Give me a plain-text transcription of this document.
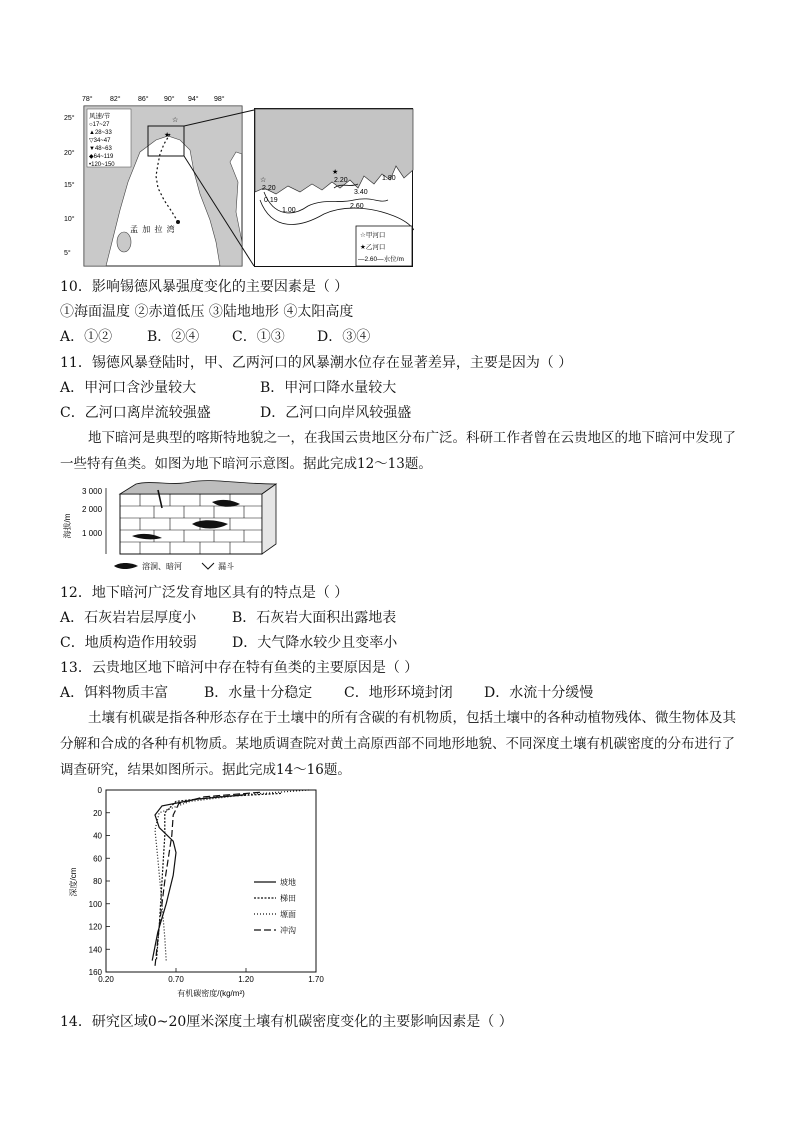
风速/节
○17~27
▲28~33
▽34~47
▼48~63
◆64~119
•120~150
☆
★
孟 加 拉 湾
78° 82° 86° 90° 94° 98°
25°
20°
15°
10°
5°
☆
★
2.20
0.19
1.00
2.20
3.40
1.80
2.60
☆甲河口
★乙河口
—2.60—水位/m
10．影响锡德风暴强度变化的主要因素是（ ）
①海面温度 ②赤道低压 ③陆地地形 ④太阳高度
A．①② B．②④ C．①③ D．③④
11．锡德风暴登陆时，甲、乙两河口的风暴潮水位存在显著差异，主要是因为（ ）
A．甲河口含沙量较大	B．甲河口降水量较大
C．乙河口离岸流较强盛	D．乙河口向岸风较强盛
地下暗河是典型的喀斯特地貌之一，在我国云贵地区分布广泛。科研工作者曾在云贵地区的地下暗河中发现了一些特有鱼类。如图为地下暗河示意图。据此完成12～13题。
海拔/m
3 000
2 000
1 000
溶洞、暗河	漏斗
12．地下暗河广泛发育地区具有的特点是（ ）
A．石灰岩岩层厚度小	B．石灰岩大面积出露地表
C．地质构造作用较弱	D．大气降水较少且变率小
13．云贵地区地下暗河中存在特有鱼类的主要原因是（ ）
A．饵料物质丰富	B．水量十分稳定 C．地形环境封闭 D．水流十分缓慢
土壤有机碳是指各种形态存在于土壤中的所有含碳的有机物质，包括土壤中的各种动植物残体、微生物体及其分解和合成的各种有机物质。某地质调查院对黄土高原西部不同地形地貌、不同深度土壤有机碳密度的分布进行了调查研究，结果如图所示。据此完成14～16题。
深度/cm
有机碳密度/(kg/m²)
0
20
40
60
80
100
120
140
160
0.20	0.70	1.20	1.70
坡地
梯田
塬面
冲沟
14．研究区域0~20厘米深度土壤有机碳密度变化的主要影响因素是（ ）
